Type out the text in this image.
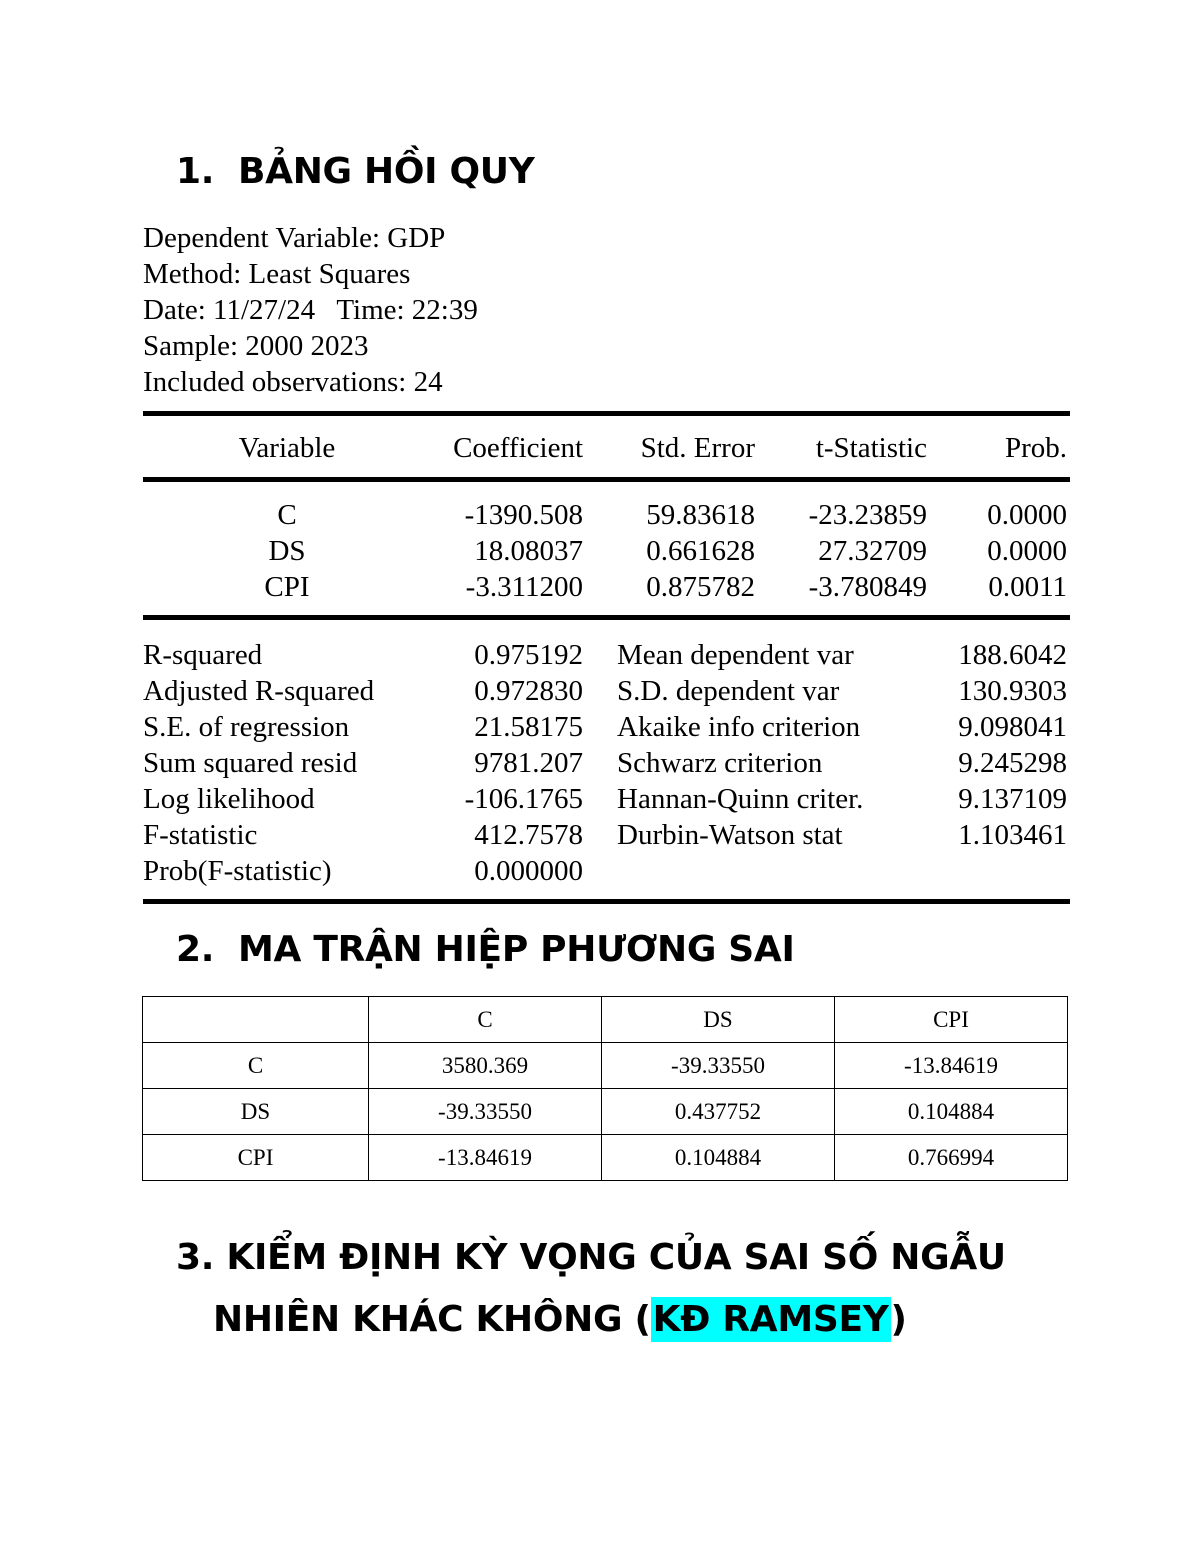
1. BẢNG HỒI QUY
Dependent Variable: GDP
Method: Least Squares
Date: 11/27/24   Time: 22:39
Sample: 2000 2023
Included observations: 24
Variable	Coefficient	Std. Error	t-Statistic	Prob.
C	-1390.508	59.83618	-23.23859	0.0000
DS	18.08037	0.661628	27.32709	0.0000
CPI	-3.311200	0.875782	-3.780849	0.0011
R-squared	0.975192 Mean dependent var	188.6042
Adjusted R-squared	0.972830 S.D. dependent var	130.9303
S.E. of regression	21.58175 Akaike info criterion	9.098041
Sum squared resid	9781.207 Schwarz criterion	9.245298
Log likelihood	-106.1765 Hannan-Quinn criter.	9.137109
F-statistic	412.7578 Durbin-Watson stat	1.103461
Prob(F-statistic)	0.000000
2. MA TRẬN HIỆP PHƯƠNG SAI
	C	DS	CPI
C	3580.369	-39.33550	-13.84619
DS	-39.33550	0.437752	0.104884
CPI	-13.84619	0.104884	0.766994
3. KIỂM ĐỊNH KỲ VỌNG CỦA SAI SỐ NGẪU
NHIÊN KHÁC KHÔNG (KĐ RAMSEY)
